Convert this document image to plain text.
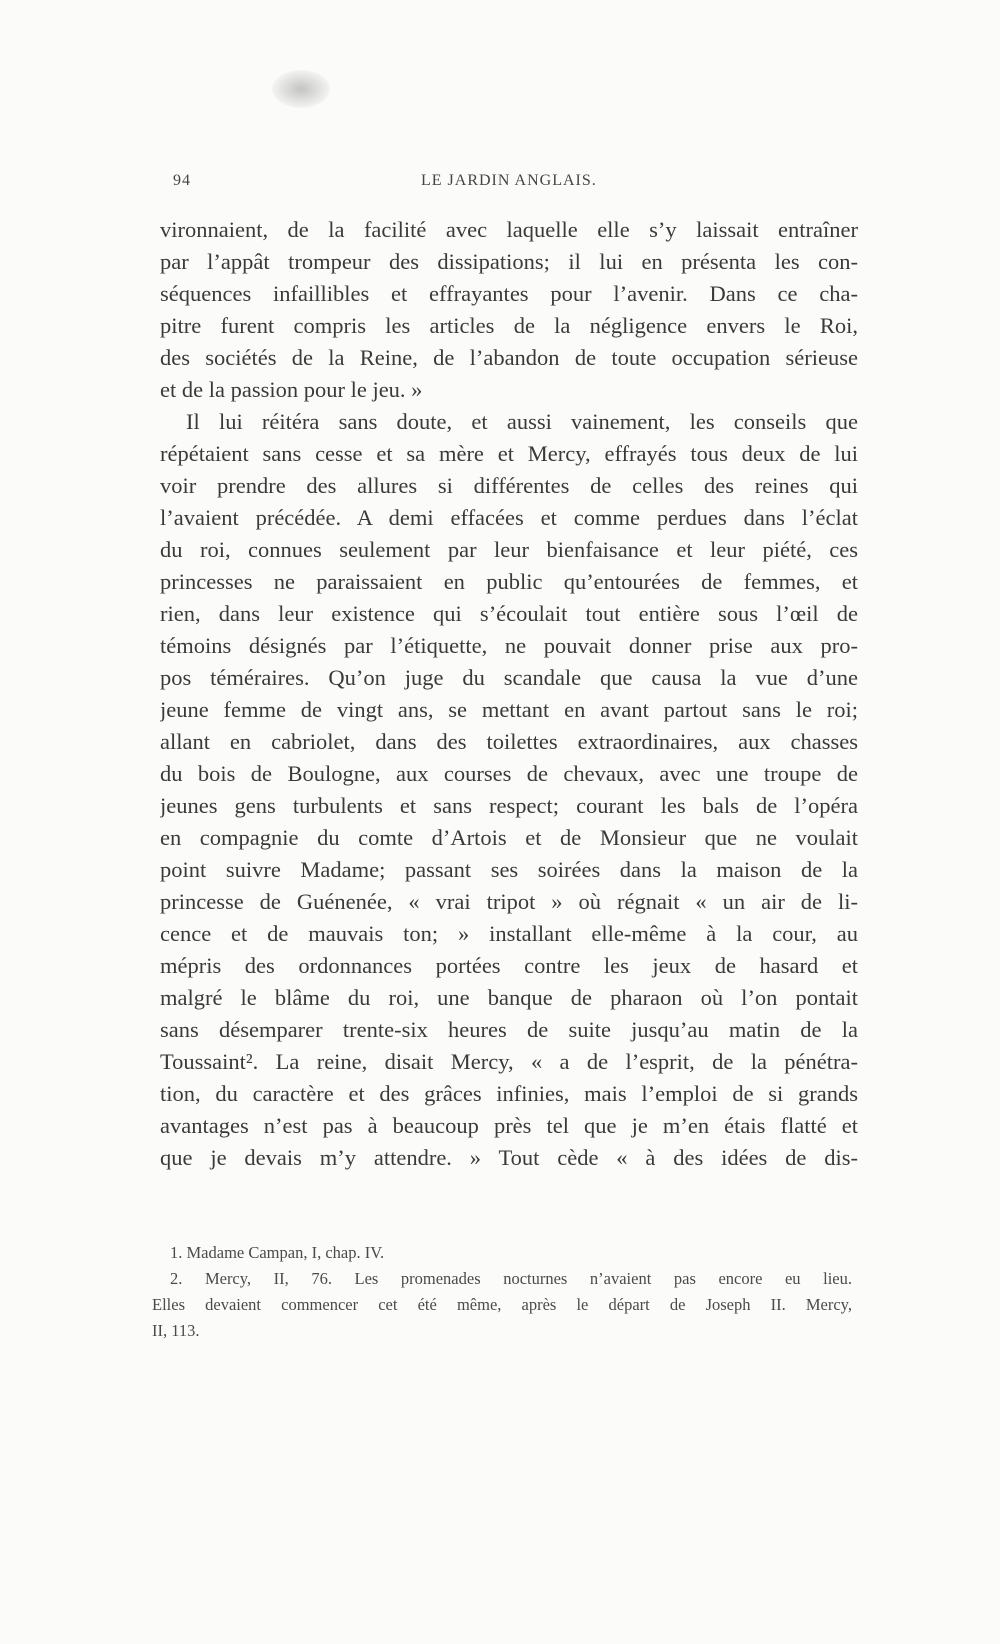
94	LE JARDIN ANGLAIS.
vironnaient, de la facilité avec laquelle elle s’y laissait entraîner
par l’appât trompeur des dissipations; il lui en présenta les con-
séquences infaillibles et effrayantes pour l’avenir. Dans ce cha-
pitre furent compris les articles de la négligence envers le Roi,
des sociétés de la Reine, de l’abandon de toute occupation sérieuse
et de la passion pour le jeu. »
Il lui réitéra sans doute, et aussi vainement, les conseils que
répétaient sans cesse et sa mère et Mercy, effrayés tous deux de lui
voir prendre des allures si différentes de celles des reines qui
l’avaient précédée. A demi effacées et comme perdues dans l’éclat
du roi, connues seulement par leur bienfaisance et leur piété, ces
princesses ne paraissaient en public qu’entourées de femmes, et
rien, dans leur existence qui s’écoulait tout entière sous l’œil de
témoins désignés par l’étiquette, ne pouvait donner prise aux pro-
pos téméraires. Qu’on juge du scandale que causa la vue d’une
jeune femme de vingt ans, se mettant en avant partout sans le roi;
allant en cabriolet, dans des toilettes extraordinaires, aux chasses
du bois de Boulogne, aux courses de chevaux, avec une troupe de
jeunes gens turbulents et sans respect; courant les bals de l’opéra
en compagnie du comte d’Artois et de Monsieur que ne voulait
point suivre Madame; passant ses soirées dans la maison de la
princesse de Guénenée, « vrai tripot » où régnait « un air de li-
cence et de mauvais ton; » installant elle-même à la cour, au
mépris des ordonnances portées contre les jeux de hasard et
malgré le blâme du roi, une banque de pharaon où l’on pontait
sans désemparer trente-six heures de suite jusqu’au matin de la
Toussaint². La reine, disait Mercy, « a de l’esprit, de la pénétra-
tion, du caractère et des grâces infinies, mais l’emploi de si grands
avantages n’est pas à beaucoup près tel que je m’en étais flatté et
que je devais m’y attendre. » Tout cède « à des idées de dis-
1. Madame Campan, I, chap. IV.
2. Mercy, II, 76. Les promenades nocturnes n’avaient pas encore eu lieu.
Elles devaient commencer cet été même, après le départ de Joseph II. Mercy,
II, 113.
